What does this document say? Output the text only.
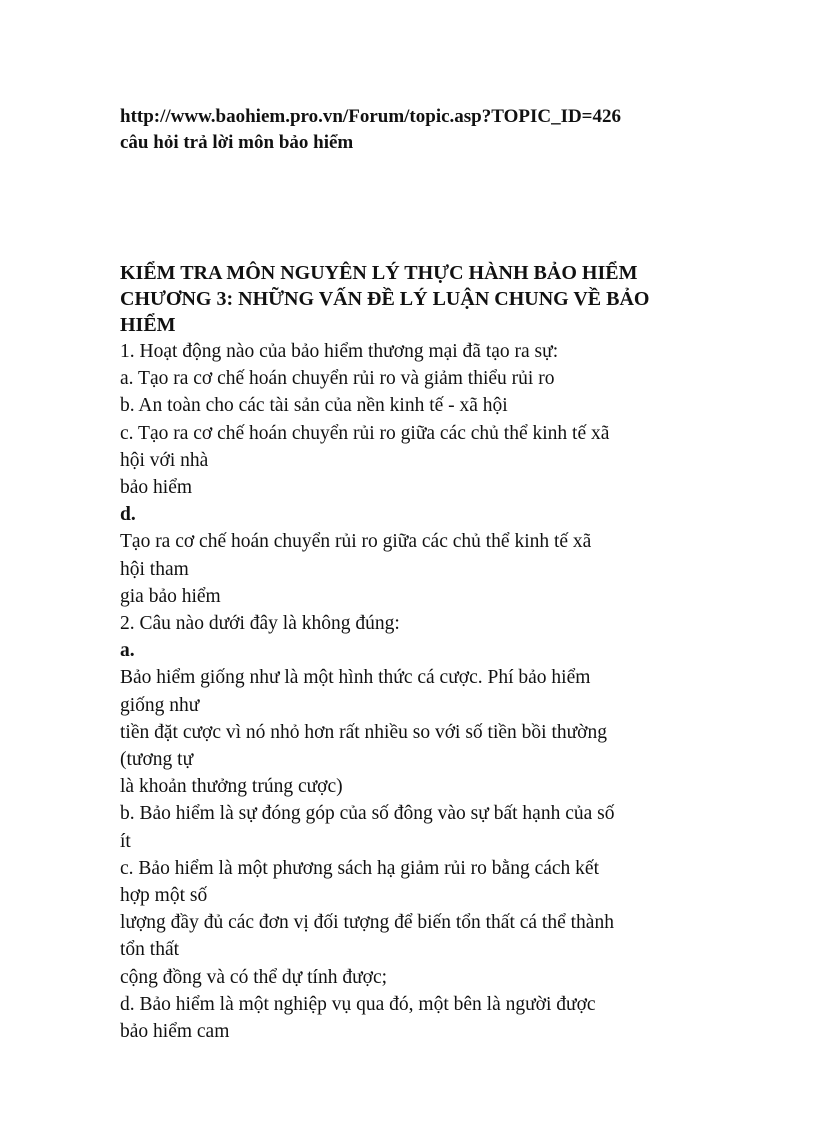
http://www.baohiem.pro.vn/Forum/topic.asp?TOPIC_ID=426
câu hỏi trả lời môn bảo hiểm
KIỂM TRA MÔN NGUYÊN LÝ THỰC HÀNH BẢO HIỂM
CHƯƠNG 3: NHỮNG VẤN ĐỀ LÝ LUẬN CHUNG VỀ BẢO
HIỂM
1. Hoạt động nào của bảo hiểm thương mại đã tạo ra sự:
a. Tạo ra cơ chế hoán chuyển rủi ro và giảm thiểu rủi ro
b. An toàn cho các tài sản của nền kinh tế - xã hội
c. Tạo ra cơ chế hoán chuyển rủi ro giữa các chủ thể kinh tế xã
hội với nhà
bảo hiểm
d.
Tạo ra cơ chế hoán chuyển rủi ro giữa các chủ thể kinh tế xã
hội tham
gia bảo hiểm
2. Câu nào dưới đây là không đúng:
a.
Bảo hiểm giống như là một hình thức cá cược. Phí bảo hiểm
giống như
tiền đặt cược vì nó nhỏ hơn rất nhiều so với số tiền bồi thường
(tương tự
là khoản thưởng trúng cược)
b. Bảo hiểm là sự đóng góp của số đông vào sự bất hạnh của số
ít
c. Bảo hiểm là một phương sách hạ giảm rủi ro bằng cách kết
hợp một số
lượng đầy đủ các đơn vị đối tượng để biến tổn thất cá thể thành
tổn thất
cộng đồng và có thể dự tính được;
d. Bảo hiểm là một nghiệp vụ qua đó, một bên là người được
bảo hiểm cam
